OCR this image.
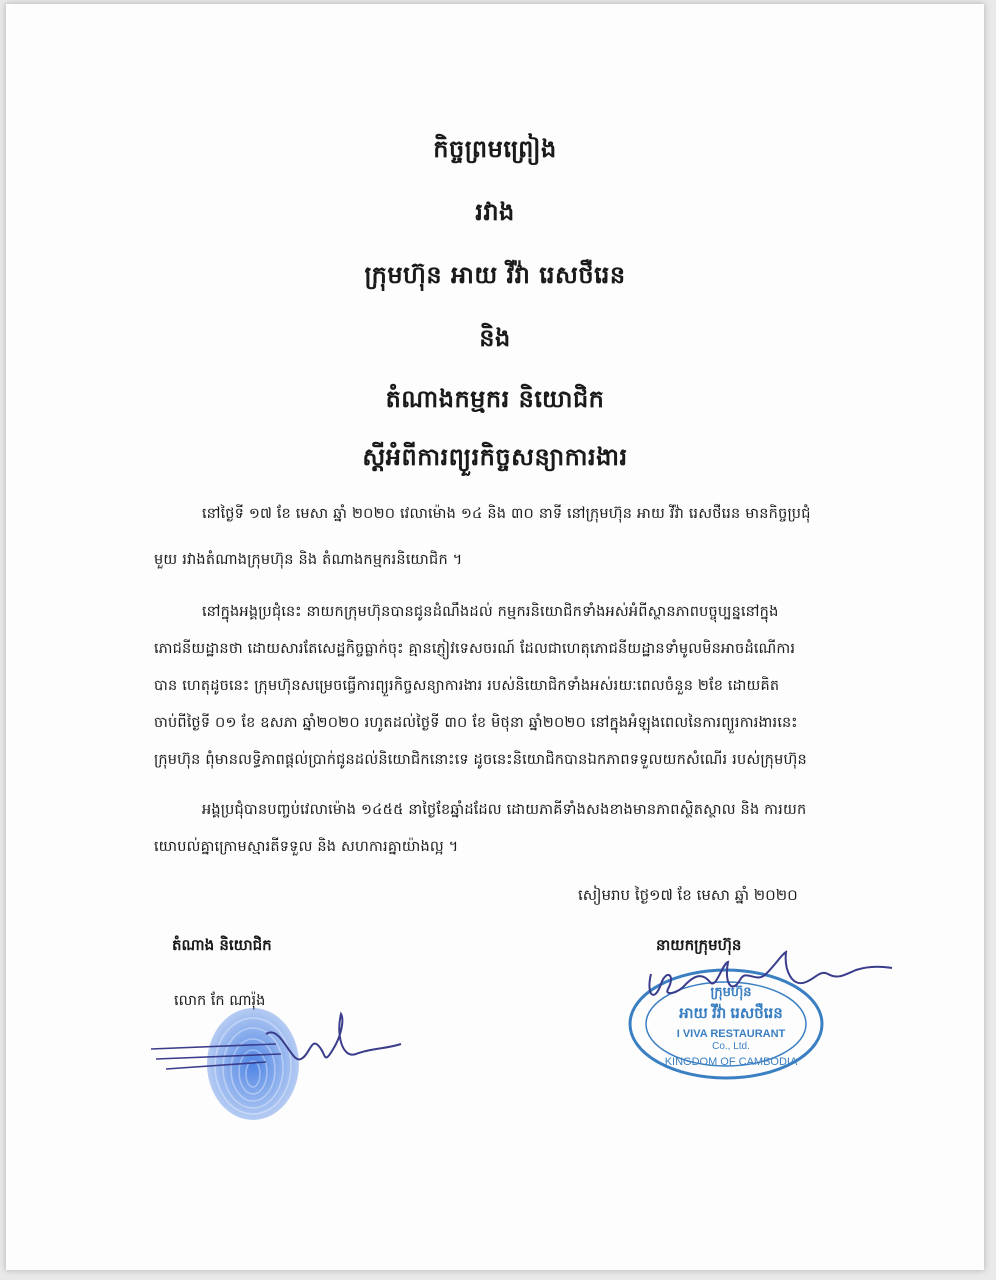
កិច្ចព្រមព្រៀង
រវាង
ក្រុមហ៊ុន អាយ វីវ៉ា រេសថឺរេន
និង
តំណាងកម្មករ និយោជិក
ស្តីអំពីការព្យួរកិច្ចសន្យាការងារ
នៅថ្ងៃទី ១៧ ខែ មេសា ឆ្នាំ ២០២០ វេលាម៉ោង ១៤ និង ៣០ នាទី នៅក្រុមហ៊ុន អាយ វីវ៉ា រេសថឺរេន មានកិច្ចប្រជុំ
មួយ រវាងតំណាងក្រុមហ៊ុន និង តំណាងកម្មករនិយោជិក ។
នៅក្នុងអង្គប្រជុំនេះ នាយកក្រុមហ៊ុនបានជូនដំណឹងដល់ កម្មករនិយោជិកទាំងអស់អំពីស្ថានភាពបច្ចុប្បន្ននៅក្នុង
ភោជនីយដ្ឋានថា ដោយសារតែសេដ្ឋកិច្ចធ្លាក់ចុះ គ្មានភ្ញៀវទេសចរណ៍ ដែលជាហេតុភោជនីយដ្ឋានទាំមូលមិនអាចដំណើការ
បាន ហេតុដូចនេះ ក្រុមហ៊ុនសម្រេចធ្វើការព្យួរកិច្ចសន្យាការងារ របស់និយោជិកទាំងអស់រយៈពេលចំនួន ២ខែ ដោយគិត
ចាប់ពីថ្ងៃទី ០១ ខែ ឧសភា ឆ្នាំ២០២០ រហូតដល់ថ្ងៃទី ៣០ ខែ មិថុនា ឆ្នាំ២០២០ នៅក្នុងអំឡុងពេលនៃការព្យួរការងារនេះ
ក្រុមហ៊ុន ពុំមានលទ្ធិភាពផ្តល់ប្រាក់ជូនដល់និយោជិកនោះទេ ដូចនេះនិយោជិកបានឯកភាពទទួលយកសំណើរ របស់ក្រុមហ៊ុន
អង្គប្រជុំបានបញ្ចប់វេលាម៉ោង ១៤៥៥ នាថ្ងៃខែឆ្នាំដដែល ដោយភាគីទាំងសងខាងមានភាពស្ថិតស្ថាល និង ការយក
យោបល់គ្នាក្រោមស្មារតីទទួល និង សហការគ្នាយ៉ាងល្អ ។
សៀមរាប ថ្ងៃ១៧ ខែ មេសា ឆ្នាំ ២០២០
តំណាង និយោជិក	នាយកក្រុមហ៊ុន
លោក កែ ណារ៉ុង
ក្រុមហ៊ុន
អាយ វីវ៉ា រេសថឺរេន
I VIVA RESTAURANT
Co., Ltd.
KINGDOM OF CAMBODIA
